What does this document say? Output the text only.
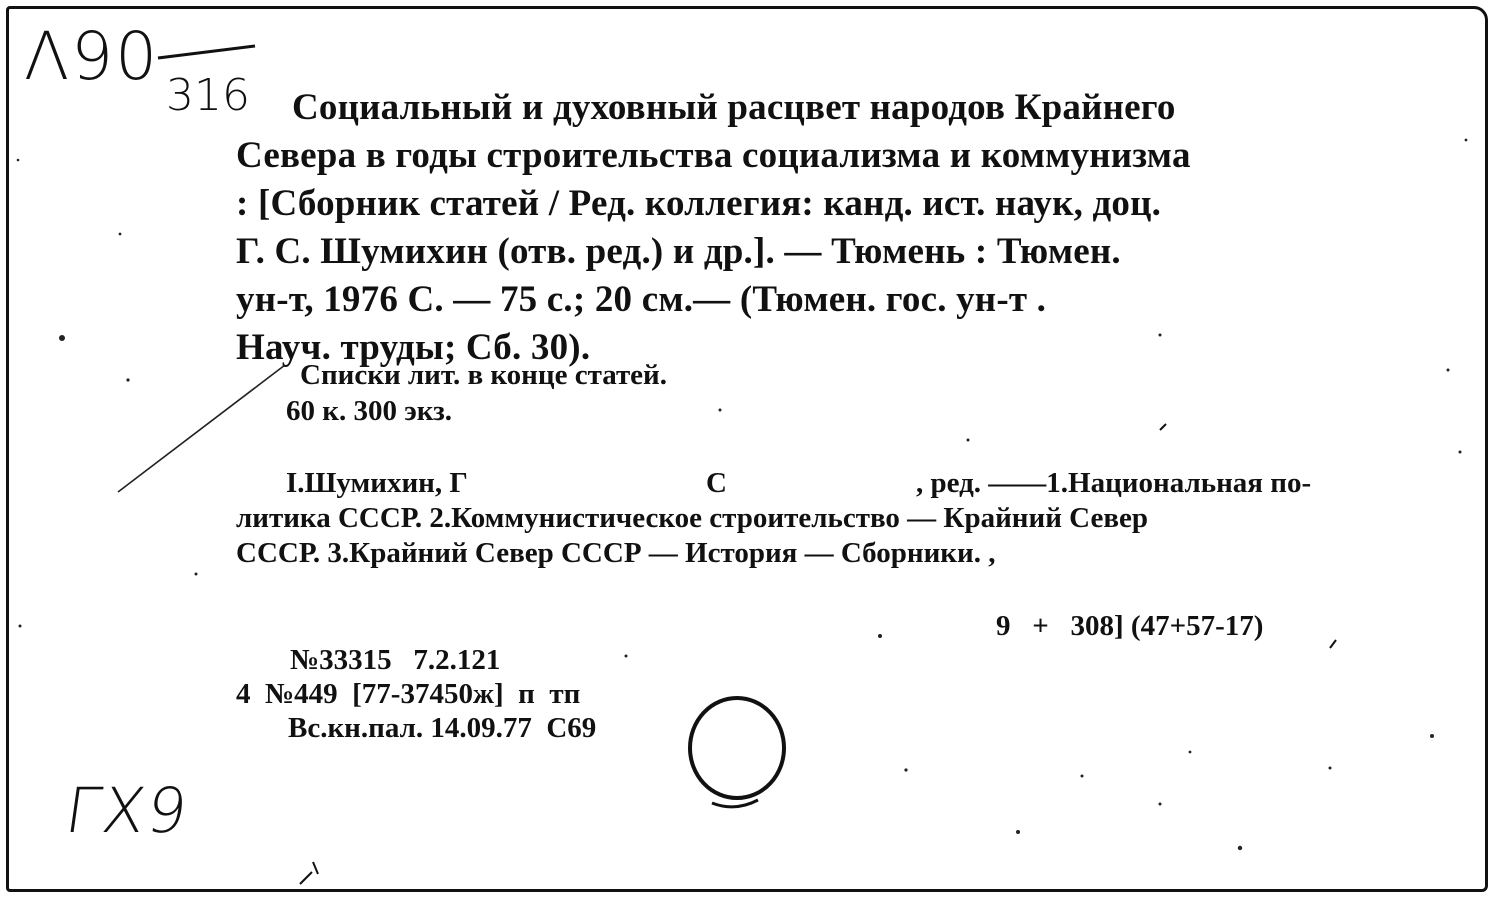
Λ90
316	Социальный и духовный расцвет народов Крайнего
Севера в годы строительства социализма и коммунизма
: [Сборник статей / Ред. коллегия: канд. ист. наук, доц.
Г. С. Шумихин (отв. ред.) и др.]. — Тюмень : Тюмен.
ун-т, 1976 С. — 75 с.; 20 см.— (Тюмен. гос. ун-т .
Науч. труды; Сб. 30).
Списки лит. в конце статей.
60 к. 300 экз.
I.Шумихин, Г	С	, ред. ——1.Национальная по-
литика СССР. 2.Коммунистическое строительство — Крайний Север
СССР. 3.Крайний Север СССР — История — Сборники. ,
9   +   308] (47+57-17)
№33315   7.2.121
4  №449  [77-37450ж]  п  тп
Вс.кн.пал. 14.09.77  С69
ГХ9
